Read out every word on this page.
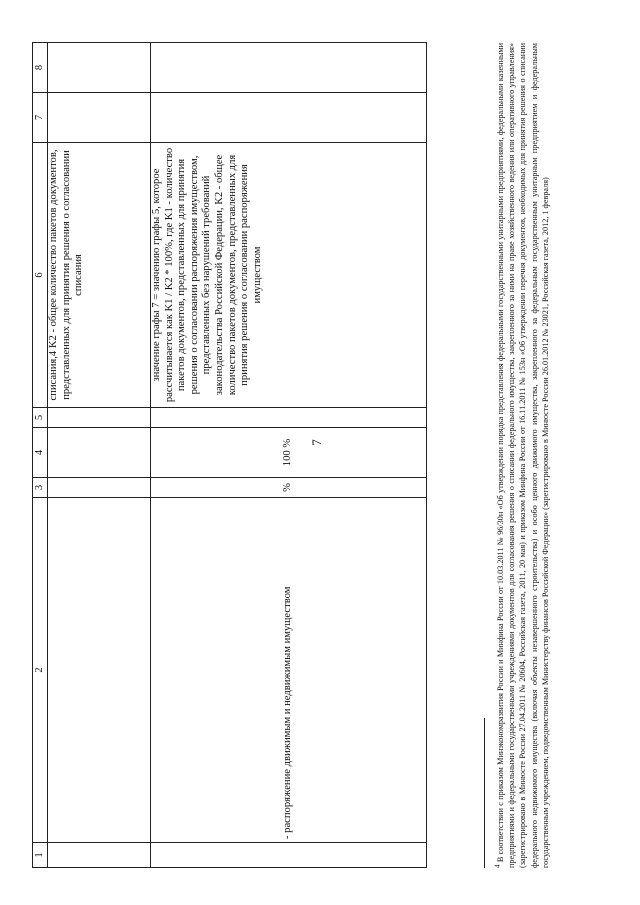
7
1	2	3	4	5	6	7	8
					списания,4 K2 - общее количество пакетов документов, представленных для принятия решения о согласовании списания		
	- распоряжение движимым и недвижимым имуществом	%	100 %		значение графы 7 = значению графы 5, которое рассчитывается как K1 / K2 * 100%, где K1 - количество пакетов документов, представленных для принятия решения о согласовании распоряжения имуществом, представленных без нарушений требований законодательства Российской Федерации, K2 - общее количество пакетов документов, представленных для принятия решения о согласовании распоряжения имуществом		
4 В соответствии с приказом Минэкономразвития России и Минфина России от 10.03.2011 № 96/30н «Об утверждении порядка представления федеральными государственными унитарными предприятиями, федеральными казенными предприятиями и федеральными государственными учреждениями документов для согласования решения о списании федерального имущества, закрепленного за ними на праве хозяйственного ведения или оперативного управления» (зарегистрировано в Минюсте России 27.04.2011 № 20604, Российская газета, 2011, 20 мая) и приказом Минфина России от 16.11.2011 № 153н «Об утверждении перечня документов, необходимых для принятия решения о списании федерального недвижимого имущества (включая объекты незавершенного строительства) и особо ценного движимого имущества, закрепленного за федеральным государственным унитарным предприятием и федеральным государственным учреждением, подведомственным Министерству финансов Российской Федерации» (зарегистрировано в Минюсте России 26.01.2012 № 23021, Российская газета, 2012, 1 февраля)
